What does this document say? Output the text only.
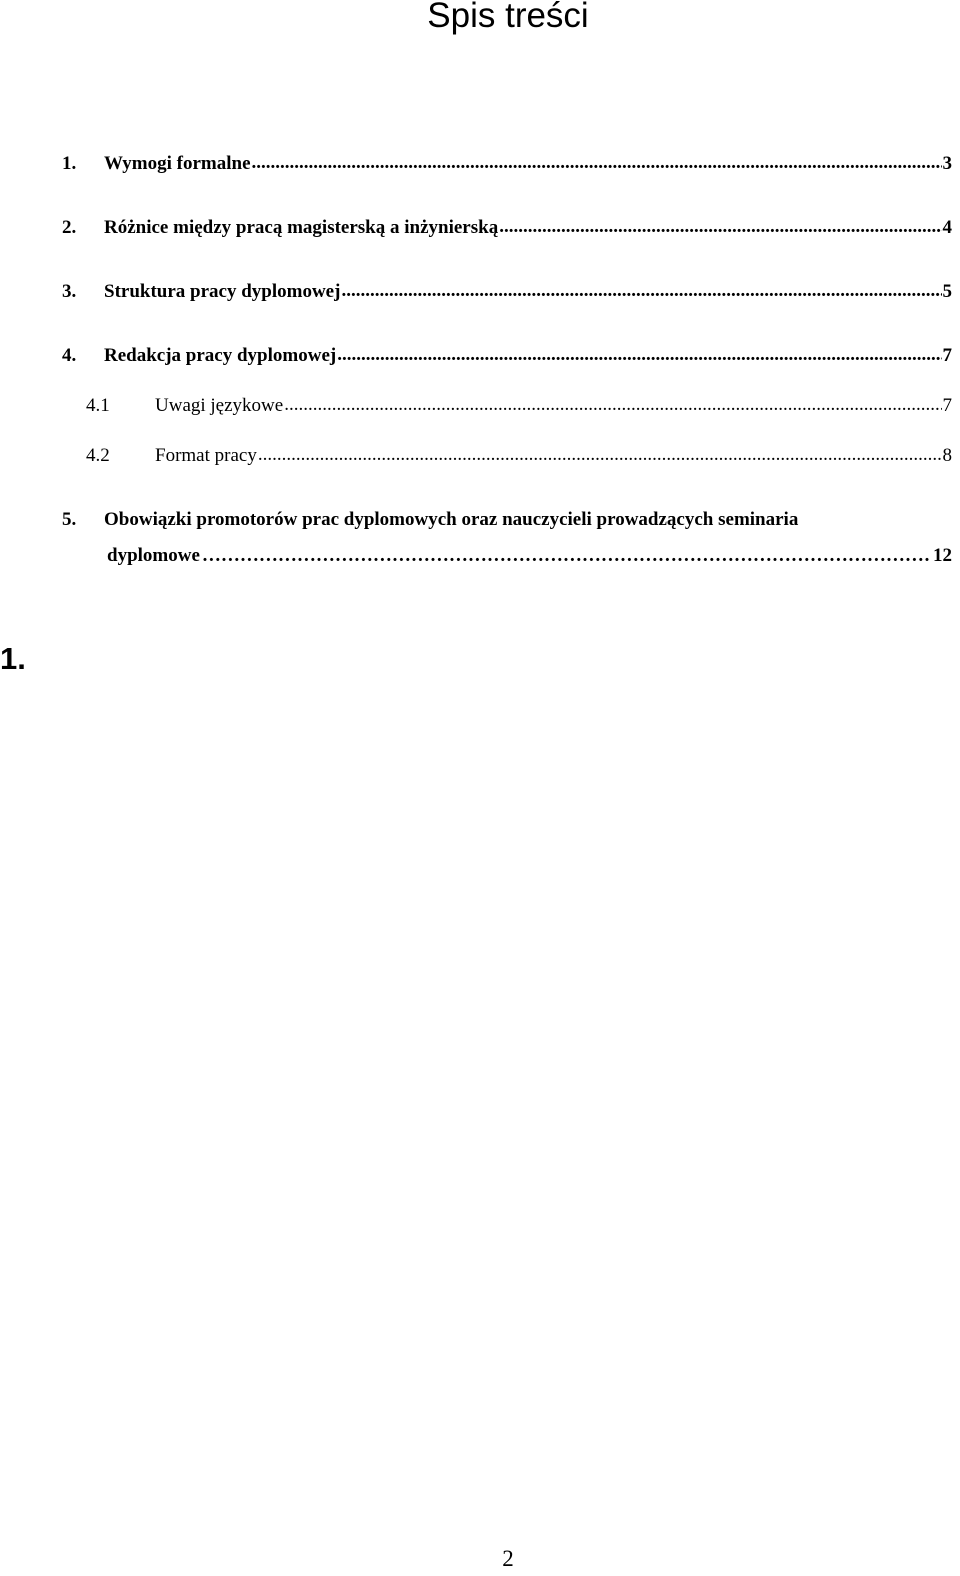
Spis treści
1.	Wymogi formalne .....	3
2.	Różnice między pracą magisterską a inżynierską .....	4
3.	Struktura pracy dyplomowej .....	5
4.	Redakcja pracy dyplomowej .....	7
4.1	Uwagi językowe .....	7
4.2	Format pracy .....	8
5.	Obowiązki promotorów prac dyplomowych oraz nauczycieli prowadzących seminaria
dyplomowe ………………………………………………………………………………………………………………………………	12
1.
2
